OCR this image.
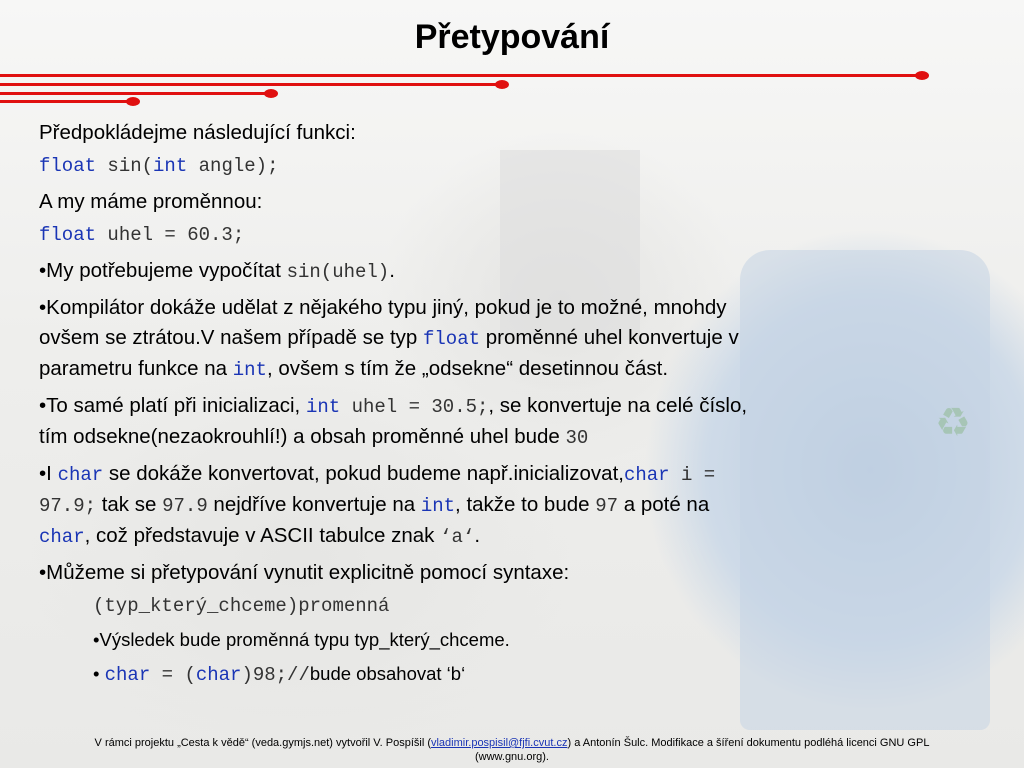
♻
Přetypování
Předpokládejme následující funkci:
float sin(int angle);
A my máme proměnnou:
float uhel = 60.3;
•My potřebujeme vypočítat sin(uhel).
•Kompilátor dokáže udělat z nějakého typu jiný, pokud je to možné, mnohdy
ovšem se ztrátou.V našem případě se typ float proměnné uhel konvertuje v
parametru funkce na int, ovšem s tím že „odsekne“ desetinnou část.
•To samé platí při inicializaci, int uhel = 30.5;, se konvertuje na celé číslo,
tím odsekne(nezaokrouhlí!) a obsah proměnné uhel bude 30
•I char se dokáže konvertovat, pokud budeme např.inicializovat,char i =
97.9; tak se 97.9 nejdříve konvertuje na int, takže to bude 97 a poté na
char, což představuje v ASCII tabulce znak ‘a‘.
•Můžeme si přetypování vynutit explicitně pomocí syntaxe:
(typ_který_chceme)promenná
•Výsledek bude proměnná typu typ_který_chceme.
• char = (char)98;//bude obsahovat ‘b‘
V rámci projektu „Cesta k vědě“ (veda.gymjs.net) vytvořil V. Pospíšil (vladimir.pospisil@fjfi.cvut.cz) a Antonín Šulc. Modifikace a šíření dokumentu podléhá licenci GNU GPL
(www.gnu.org).
